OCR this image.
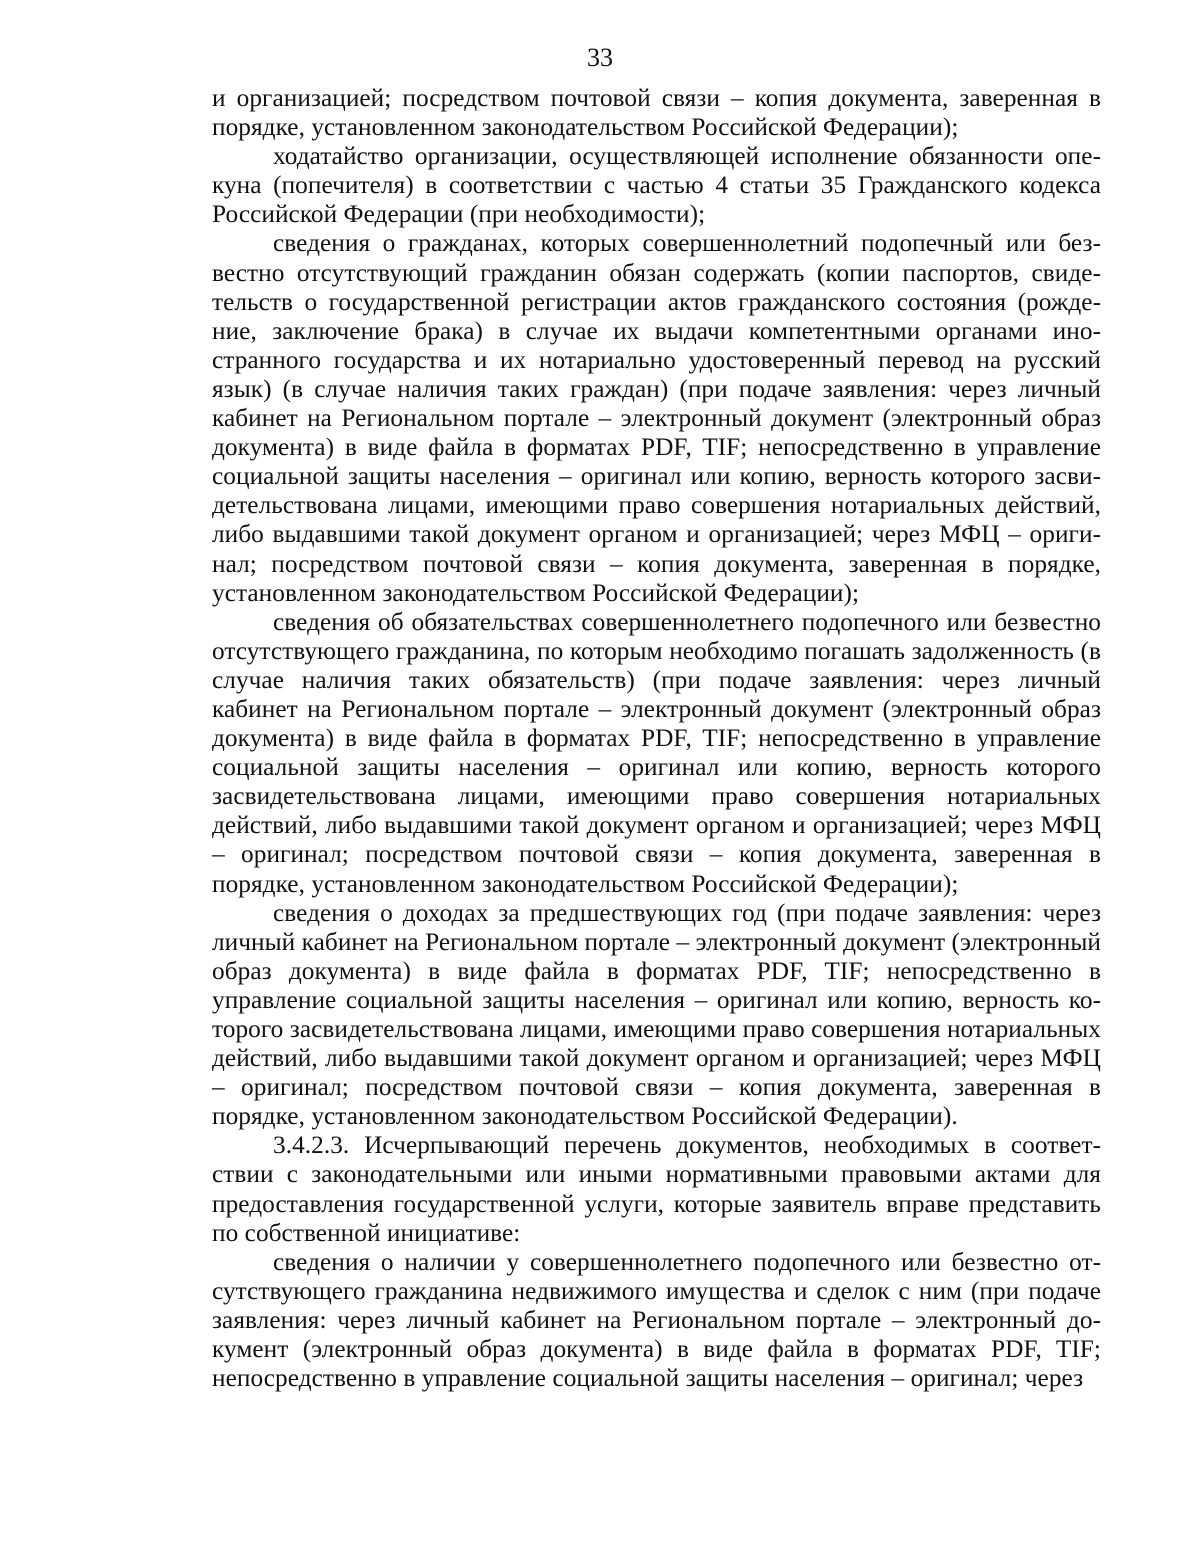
33

и организацией; посредством почтовой связи – копия документа, заверенная в порядке, установленном законодательством Российской Федерации);

ходатайство организации, осуществляющей исполнение обязанности опекуна (попечителя) в соответствии с частью 4 статьи 35 Гражданского кодекса Российской Федерации (при необходимости);

сведения о гражданах, которых совершеннолетний подопечный или безвестно отсутствующий гражданин обязан содержать (копии паспортов, свидетельств о государственной регистрации актов гражданского состояния (рождение, заключение брака) в случае их выдачи компетентными органами иностранного государства и их нотариально удостоверенный перевод на русский язык) (в случае наличия таких граждан) (при подаче заявления: через личный кабинет на Региональном портале – электронный документ (электронный образ документа) в виде файла в форматах PDF, TIF; непосредственно в управление социальной защиты населения – оригинал или копию, верность которого засвидетельствована лицами, имеющими право совершения нотариальных действий, либо выдавшими такой документ органом и организацией; через МФЦ – оригинал; посредством почтовой связи – копия документа, заверенная в порядке, установленном законодательством Российской Федерации);

сведения об обязательствах совершеннолетнего подопечного или безвестно отсутствующего гражданина, по которым необходимо погашать задолженность (в случае наличия таких обязательств) (при подаче заявления: через личный кабинет на Региональном портале – электронный документ (электронный образ документа) в виде файла в форматах PDF, TIF; непосредственно в управление социальной защиты населения – оригинал или копию, верность которого засвидетельствована лицами, имеющими право совершения нотариальных действий, либо выдавшими такой документ органом и организацией; через МФЦ – оригинал; посредством почтовой связи – копия документа, заверенная в порядке, установленном законодательством Российской Федерации);

сведения о доходах за предшествующих год (при подаче заявления: через личный кабинет на Региональном портале – электронный документ (электронный образ документа) в виде файла в форматах PDF, TIF; непосредственно в управление социальной защиты населения – оригинал или копию, верность которого засвидетельствована лицами, имеющими право совершения нотариальных действий, либо выдавшими такой документ органом и организацией; через МФЦ – оригинал; посредством почтовой связи – копия документа, заверенная в порядке, установленном законодательством Российской Федерации).

3.4.2.3. Исчерпывающий перечень документов, необходимых в соответствии с законодательными или иными нормативными правовыми актами для предоставления государственной услуги, которые заявитель вправе представить по собственной инициативе:

сведения о наличии у совершеннолетнего подопечного или безвестно отсутствующего гражданина недвижимого имущества и сделок с ним (при подаче заявления: через личный кабинет на Региональном портале – электронный документ (электронный образ документа) в виде файла в форматах PDF, TIF; непосредственно в управление социальной защиты населения – оригинал; через
